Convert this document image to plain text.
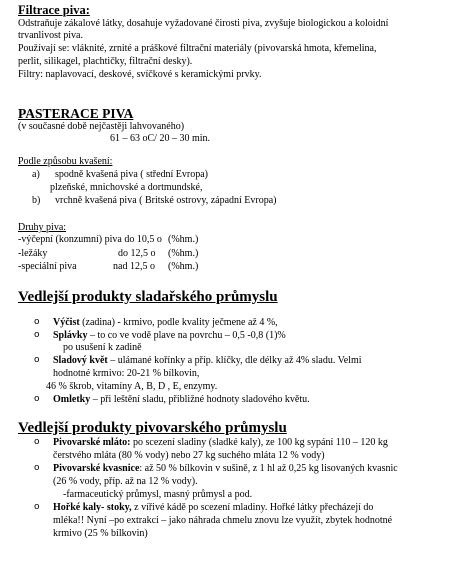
Filtrace piva:
Odstraňuje zákalové látky, dosahuje vyžadované čirosti piva, zvyšuje biologickou a koloidní
trvanlivost piva.
Používají se: vláknité, zrnité a práškové filtrační materiály (pivovarská hmota, křemelina,
perlit, silikagel, plachtičky, filtrační desky).
Filtry: naplavovací, deskové, svíčkové s keramickými prvky.
PASTERACE PIVA
(v současné době nejčastěji lahvovaného)
61 – 63 oC/ 20 – 30 min.
Podle způsobu kvašení:
a) spodně kvašená piva ( střední Evropa)
plzeňské, mnichovské a dortmundské,
b) vrchně kvašená piva ( Britské ostrovy, západní Evropa)
Druhy piva:
-výčepní (konzumní) piva do 10,5 o (%hm.)
-ležáky	do 12,5 o (%hm.)
-speciální piva	nad 12,5 o (%hm.)
Vedlejší produkty sladařského průmyslu
o Výčist (zadina) - krmivo, podle kvality ječmene až 4 %,
o Splávky – to co ve vodě plave na povrchu – 0,5 -0,8 (1)%
po usušení k zadině
o Sladový květ – ulámané kořínky a příp. klíčky, dle délky až 4% sladu. Velmi
hodnotné krmivo: 20-21 % bílkovin,
46 % škrob, vitamíny A, B, D , E, enzymy.
o Omletky – při leštění sladu, přibližné hodnoty sladového květu.
Vedlejší produkty pivovarského průmyslu
o Pivovarské mláto: po scezení sladiny (sladké kaly), ze 100 kg sypání 110 – 120 kg
čerstvého mláta (80 % vody) nebo 27 kg suchého mláta 12 % vody)
o Pivovarské kvasnice: až 50 % bílkovin v sušině, z 1 hl až 0,25 kg lisovaných kvasnic
(26 % vody, příp. až na 12 % vody).
-farmaceutický průmysl, masný průmysl a pod.
o Hořké kaly- stoky, z vířivé kádě po scezení mladiny. Hořké látky přecházejí do
mléka!! Nyní –po extrakci – jako náhrada chmelu znovu lze využít, zbytek hodnotné
krmivo (25 % bílkovin)
